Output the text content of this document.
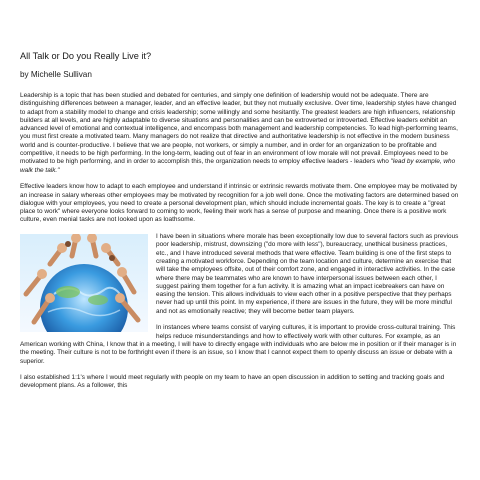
All Talk or Do you Really Live it?
by Michelle Sullivan

Leadership is a topic that has been studied and debated for centuries, and simply one definition of leadership would not be adequate. There are distinguishing differences between a manager, leader, and an effective leader, but they not mutually exclusive. Over time, leadership styles have changed to adapt from a stability model to change and crisis leadership; some willingly and some hesitantly. The greatest leaders are high influencers, relationship builders at all levels, and are highly adaptable to diverse situations and personalities and can be extroverted or introverted. Effective leaders exhibit an advanced level of emotional and contextual intelligence, and encompass both management and leadership competencies. To lead high-performing teams, you must first create a motivated team. Many managers do not realize that directive and authoritative leadership is not effective in the modern business world and is counter-productive. I believe that we are people, not workers, or simply a number, and in order for an organization to be profitable and competitive, it needs to be high performing. In the long-term, leading out of fear in an environment of low morale will not prevail. Employees need to be motivated to be high performing, and in order to accomplish this, the organization needs to employ effective leaders - leaders who "lead by example, who walk the talk."

Effective leaders know how to adapt to each employee and understand if intrinsic or extrinsic rewards motivate them. One employee may be motivated by an increase in salary whereas other employees may be motivated by recognition for a job well done. Once the motivating factors are determined based on dialogue with your employees, you need to create a personal development plan, which should include incremental goals. The key is to create a "great place to work" where everyone looks forward to coming to work, feeling their work has a sense of purpose and meaning. Once there is a positive work culture, even menial tasks are not looked upon as loathsome.

I have been in situations where morale has been exceptionally low due to several factors such as previous poor leadership, mistrust, downsizing ("do more with less"), bureaucracy, unethical business practices, etc., and I have introduced several methods that were effective. Team building is one of the first steps to creating a motivated workforce. Depending on the team location and culture, determine an exercise that will take the employees offsite, out of their comfort zone, and engaged in interactive activities. In the case where there may be teammates who are known to have interpersonal issues between each other, I suggest pairing them together for a fun activity. It is amazing what an impact icebreakers can have on easing the tension. This allows individuals to view each other in a positive perspective that they perhaps never had up until this point. In my experience, if there are issues in the future, they will be more mindful and not as emotionally reactive; they will become better team players.

In instances where teams consist of varying cultures, it is important to provide cross-cultural training. This helps reduce misunderstandings and how to effectively work with other cultures. For example, as an American working with China, I know that in a meeting, I will have to directly engage with individuals who are below me in position or if their manager is in the meeting. Their culture is not to be forthright even if there is an issue, so I know that I cannot expect them to openly discuss an issue or debate with a superior.

I also established 1:1's where I would meet regularly with people on my team to have an open discussion in addition to setting and tracking goals and development plans. As a follower, this
